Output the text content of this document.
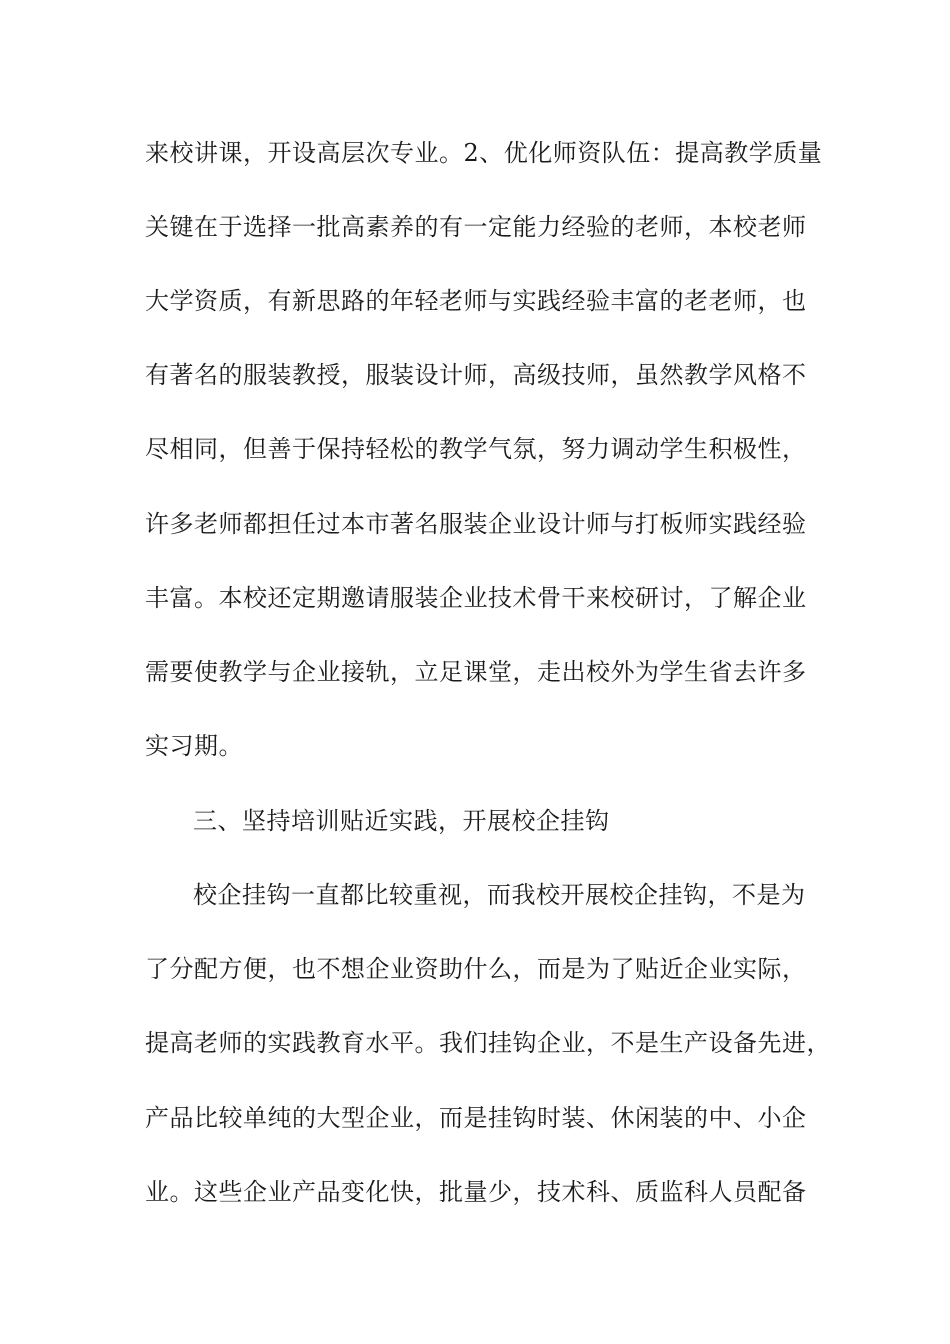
来校讲课，开设高层次专业。2、优化师资队伍：提高教学质量
关键在于选择一批高素养的有一定能力经验的老师，本校老师
大学资质，有新思路的年轻老师与实践经验丰富的老老师，也
有著名的服装教授，服装设计师，高级技师，虽然教学风格不
尽相同，但善于保持轻松的教学气氛，努力调动学生积极性，
许多老师都担任过本市著名服装企业设计师与打板师实践经验
丰富。本校还定期邀请服装企业技术骨干来校研讨，了解企业
需要使教学与企业接轨，立足课堂，走出校外为学生省去许多
实习期。
三、坚持培训贴近实践，开展校企挂钩
校企挂钩一直都比较重视，而我校开展校企挂钩，不是为
了分配方便，也不想企业资助什么，而是为了贴近企业实际，
提高老师的实践教育水平。我们挂钩企业，不是生产设备先进，
产品比较单纯的大型企业，而是挂钩时装、休闲装的中、小企
业。这些企业产品变化快，批量少，技术科、质监科人员配备
